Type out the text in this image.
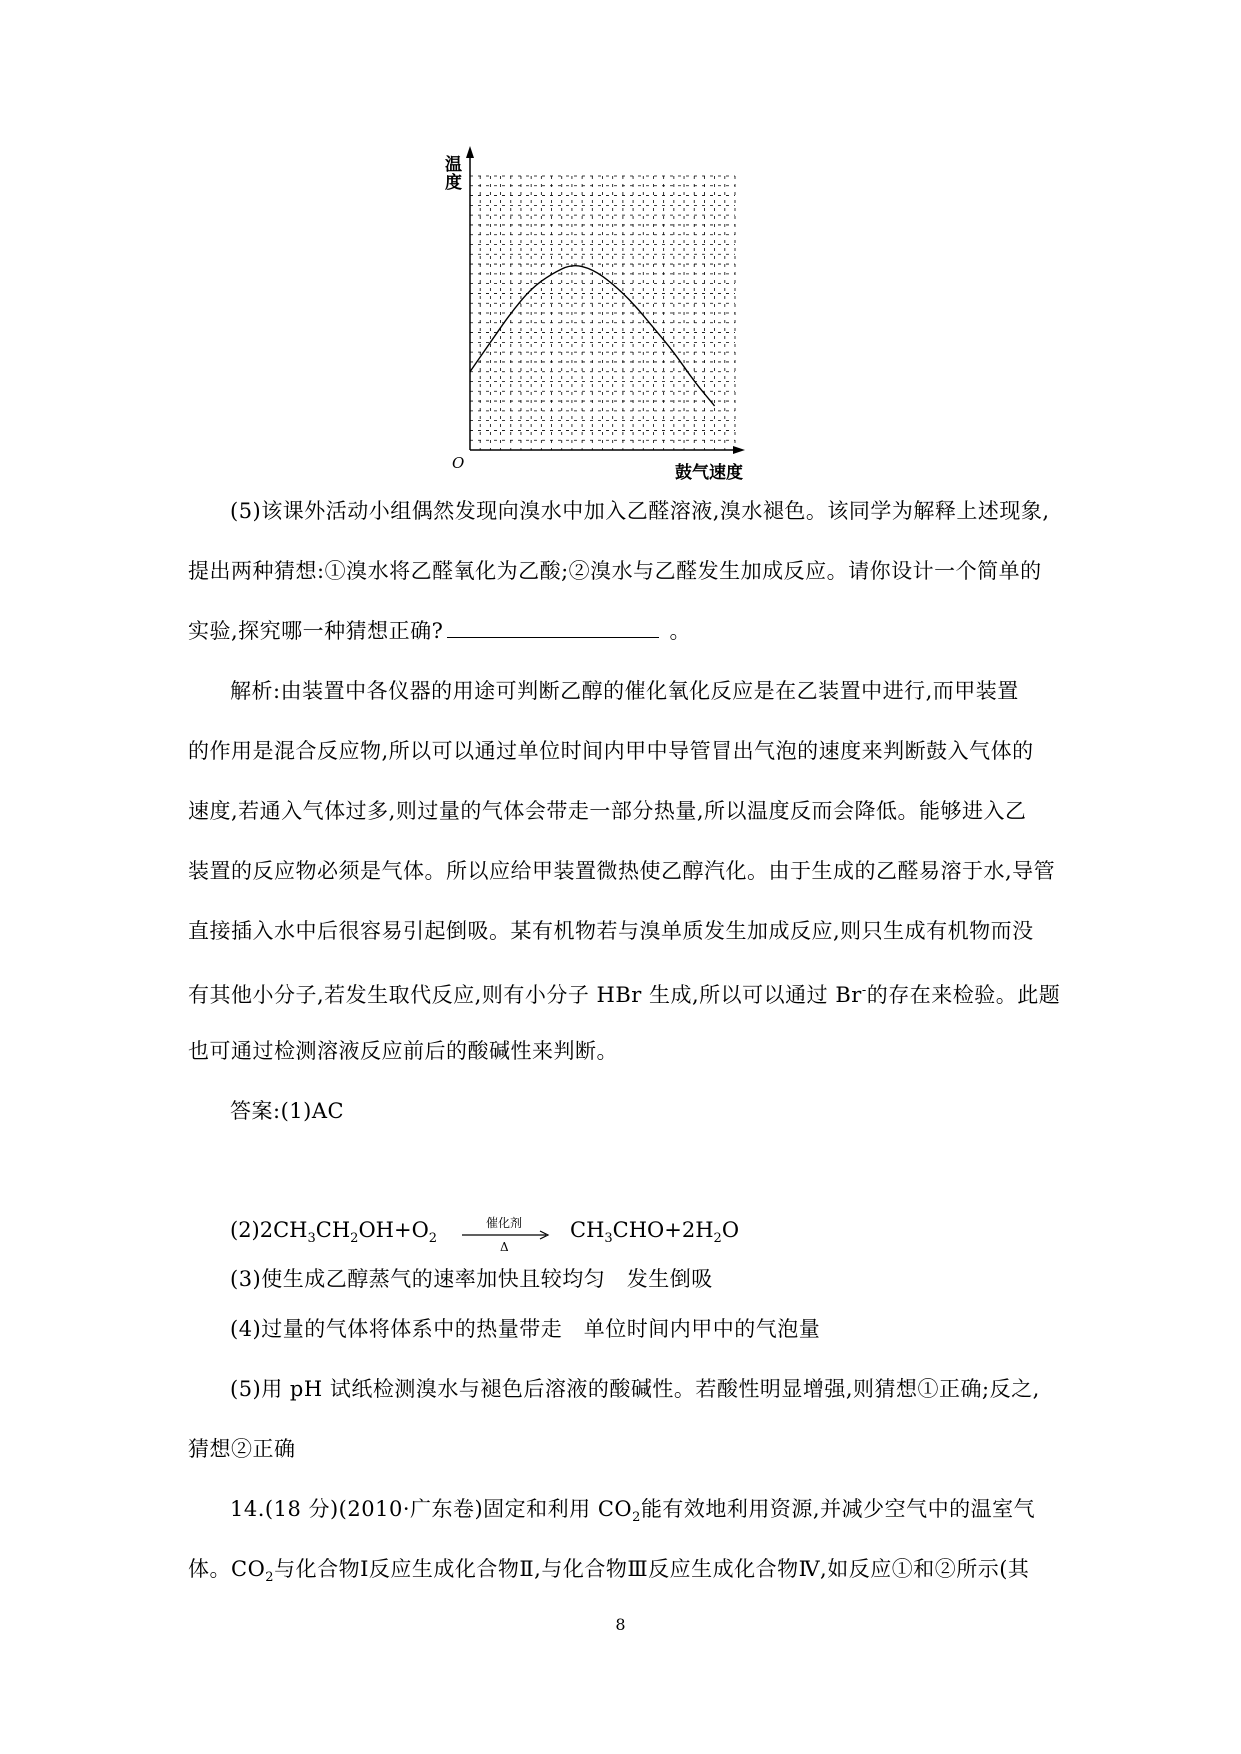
温
度
O	鼓气速度
(5)该课外活动小组偶然发现向溴水中加入乙醛溶液,溴水褪色。该同学为解释上述现象,
提出两种猜想:①溴水将乙醛氧化为乙酸;②溴水与乙醛发生加成反应。请你设计一个简单的
实验,探究哪一种猜想正确?	。
解析:由装置中各仪器的用途可判断乙醇的催化氧化反应是在乙装置中进行,而甲装置
的作用是混合反应物,所以可以通过单位时间内甲中导管冒出气泡的速度来判断鼓入气体的
速度,若通入气体过多,则过量的气体会带走一部分热量,所以温度反而会降低。能够进入乙
装置的反应物必须是气体。所以应给甲装置微热使乙醇汽化。由于生成的乙醛易溶于水,导管
直接插入水中后很容易引起倒吸。某有机物若与溴单质发生加成反应,则只生成有机物而没
有其他小分子,若发生取代反应,则有小分子 HBr 生成,所以可以通过 Br-的存在来检验。此题
也可通过检测溶液反应前后的酸碱性来判断。
答案:(1)AC
$(2)2CH_3CH_2OH+O_2$
催化剂
Δ
$CH_3CHO+2H_2O$
(3)使生成乙醇蒸气的速率加快且较均匀　发生倒吸
(4)过量的气体将体系中的热量带走　单位时间内甲中的气泡量
(5)用 pH 试纸检测溴水与褪色后溶液的酸碱性。若酸性明显增强,则猜想①正确;反之,
猜想②正确
14.(18 分)(2010·广东卷)固定和利用 $CO_2$能有效地利用资源,并减少空气中的温室气
体。$CO_2$与化合物Ⅰ反应生成化合物Ⅱ,与化合物Ⅲ反应生成化合物Ⅳ,如反应①和②所示(其
8
